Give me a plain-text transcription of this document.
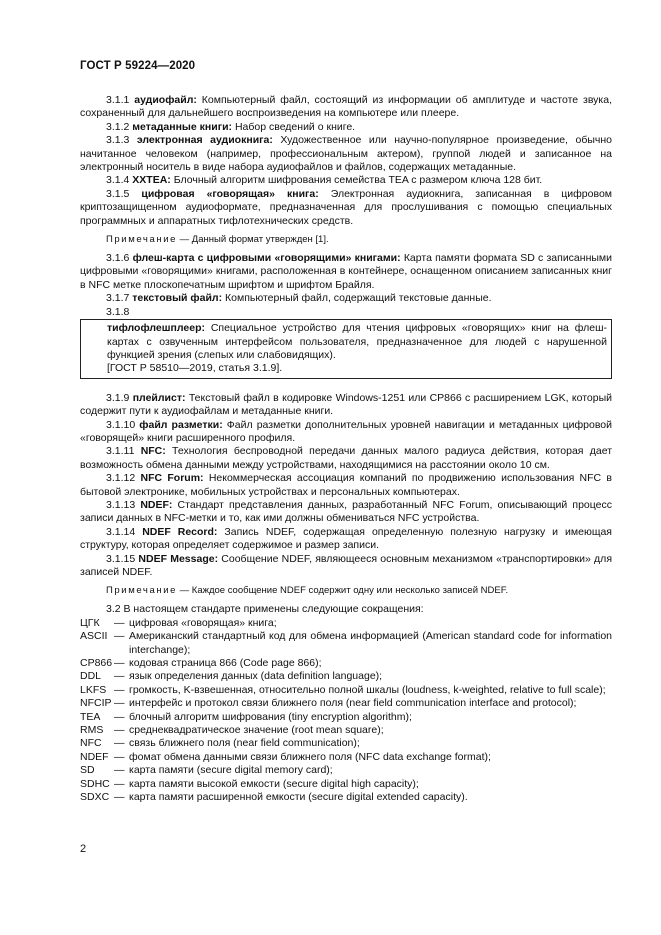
ГОСТ Р 59224—2020

3.1.1 аудиофайл: Компьютерный файл, состоящий из информации об амплитуде и частоте звука, сохраненный для дальнейшего воспроизведения на компьютере или плеере.

3.1.2 метаданные книги: Набор сведений о книге.

3.1.3 электронная аудиокнига: Художественное или научно-популярное произведение, обычно начитанное человеком (например, профессиональным актером), группой людей и записанное на электронный носитель в виде набора аудиофайлов и файлов, содержащих метаданные.

3.1.4 XXTEA: Блочный алгоритм шифрования семейства TEA с размером ключа 128 бит.

3.1.5 цифровая «говорящая» книга: Электронная аудиокнига, записанная в цифровом криптозащищенном аудиоформате, предназначенная для прослушивания с помощью специальных программных и аппаратных тифлотехнических средств.

Примечание — Данный формат утвержден [1].

3.1.6 флеш-карта с цифровыми «говорящими» книгами: Карта памяти формата SD с записанными цифровыми «говорящими» книгами, расположенная в контейнере, оснащенном описанием записанных книг в NFC метке плоскопечатным шрифтом и шрифтом Брайля.

3.1.7 текстовый файл: Компьютерный файл, содержащий текстовые данные.

3.1.8

тифлофлешплеер: Специальное устройство для чтения цифровых «говорящих» книг на флеш-картах с озвученным интерфейсом пользователя, предназначенное для людей с нарушенной функцией зрения (слепых или слабовидящих).

[ГОСТ Р 58510—2019, статья 3.1.9].

3.1.9 плейлист: Текстовый файл в кодировке Windows-1251 или CP866 с расширением LGK, который содержит пути к аудиофайлам и метаданные книги.

3.1.10 файл разметки: Файл разметки дополнительных уровней навигации и метаданных цифровой «говорящей» книги расширенного профиля.

3.1.11 NFC: Технология беспроводной передачи данных малого радиуса действия, которая дает возможность обмена данными между устройствами, находящимися на расстоянии около 10 см.

3.1.12 NFC Forum: Некоммерческая ассоциация компаний по продвижению использования NFC в бытовой электронике, мобильных устройствах и персональных компьютерах.

3.1.13 NDEF: Стандарт представления данных, разработанный NFC Forum, описывающий процесс записи данных в NFC-метки и то, как ими должны обмениваться NFC устройства.

3.1.14 NDEF Record: Запись NDEF, содержащая определенную полезную нагрузку и имеющая структуру, которая определяет содержимое и размер записи.

3.1.15 NDEF Message: Сообщение NDEF, являющееся основным механизмом «транспортировки» для записей NDEF.

Примечание — Каждое сообщение NDEF содержит одну или несколько записей NDEF.

3.2 В настоящем стандарте применены следующие сокращения:

ЦГК	— цифровая «говорящая» книга;
ASCII — Американский стандартный код для обмена информацией (American standard code for information interchange);
CP866 — кодовая страница 866 (Code page 866);
DDL	— язык определения данных (data definition language);
LKFS — громкость, K-взвешенная, относительно полной шкалы (loudness, k-weighted, relative to full scale);
NFCIP — интерфейс и протокол связи ближнего поля (near field communication interface and protocol);
TEA	— блочный алгоритм шифрования (tiny encryption algorithm);
RMS	— среднеквадратическое значение (root mean square);
NFC	— связь ближнего поля (near field communication);
NDEF — фомат обмена данными связи ближнего поля (NFC data exchange format);
SD	— карта памяти (secure digital memory card);
SDHC — карта памяти высокой емкости (secure digital high capacity);
SDXC — карта памяти расширенной емкости (secure digital extended capacity).
2
